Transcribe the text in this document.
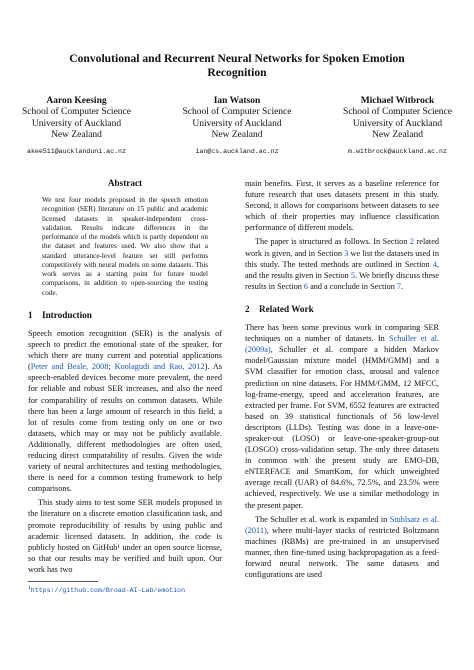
Convolutional and Recurrent Neural Networks for Spoken Emotion Recognition
Aaron Keesing
School of Computer Science
University of Auckland
New Zealand
akee511@aucklanduni.ac.nz
Ian Watson
School of Computer Science
University of Auckland
New Zealand
ian@cs.auckland.ac.nz
Michael Witbrock
School of Computer Science
University of Auckland
New Zealand
m.witbrock@auckland.ac.nz
Abstract
We test four models proposed in the speech emotion recognition (SER) literature on 15 public and academic licensed datasets in speaker-independent cross-validation. Results indicate differences in the performance of the models which is partly dependent on the dataset and features used. We also show that a standard utterance-level feature set still performs competitively with neural models on some datasets. This work serves as a starting point for future model comparisons, in addition to open-sourcing the testing code.
1 Introduction

Speech emotion recognition (SER) is the analysis of speech to predict the emotional state of the speaker, for which there are many current and potential applications (Peter and Beale, 2008; Koolagudi and Rao, 2012). As speech-enabled devices become more prevalent, the need for reliable and robust SER increases, and also the need for comparability of results on common datasets. While there has been a large amount of research in this field, a lot of results come from testing only on one or two datasets, which may or may not be publicly available. Additionally, different methodologies are often used, reducing direct comparability of results. Given the wide variety of neural architectures and testing methodologies, there is need for a common testing framework to help comparisons.

This study aims to test some SER models proposed in the literature on a discrete emotion classification task, and promote reproducibility of results by using public and academic licensed datasets. In addition, the code is publicly hosted on GitHub¹ under an open source license, so that our results may be verified and built upon. Our work has two

$^1$https://github.com/Broad-AI-Lab/emotion

main benefits. First, it serves as a baseline reference for future research that uses datasets present in this study. Second, it allows for comparisons between datasets to see which of their properties may influence classification performance of different models.

The paper is structured as follows. In Section 2 related work is given, and in Section 3 we list the datasets used in this study. The tested methods are outlined in Section 4, and the results given in Section 5. We briefly discuss these results in Section 6 and a conclude in Section 7.

2 Related Work

There has been some previous work in comparing SER techniques on a number of datasets. In Schuller et al. (2009a), Schuller et al. compare a hidden Markov model/Gaussian mixture model (HMM/GMM) and a SVM classifier for emotion class, arousal and valence prediction on nine datasets. For HMM/GMM, 12 MFCC, log-frame-energy, speed and acceleration features, are extracted per frame. For SVM, 6552 features are extracted based on 39 statistical functionals of 56 low-level descriptors (LLDs). Testing was done in a leave-one-speaker-out (LOSO) or leave-one-speaker-group-out (LOSGO) cross-validation setup. The only three datasets in common with the present study are EMO-DB, eNTERFACE and SmartKom, for which unweighted average recall (UAR) of 84.6%, 72.5%, and 23.5% were achieved, respectively. We use a similar methodology in the present paper.

The Schuller et al. work is expanded in Stuhlsatz et al. (2011), where multi-layer stacks of restricted Boltzmann machines (RBMs) are pre-trained in an unsupervised manner, then fine-tuned using backpropagation as a feed-forward neural network. The same datasets and configurations are used
